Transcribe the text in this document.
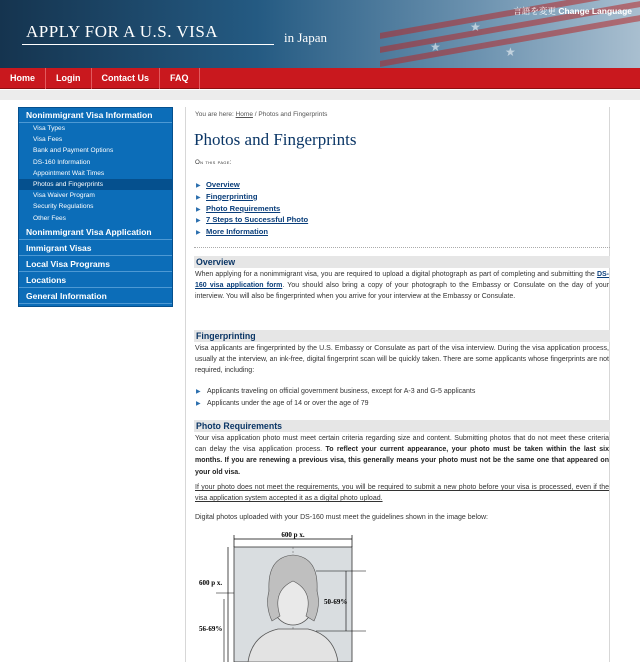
★
★
★
APPLY FOR A U.S. VISA	in Japan
言語を変更 Change Language
Home	Login	Contact Us	FAQ
Nonimmigrant Visa Information
Visa Types
Visa Fees
Bank and Payment Options
DS-160 Information
Appointment Wait Times
Photos and Fingerprints
Visa Waiver Program
Security Regulations
Other Fees
Nonimmigrant Visa Application
Immigrant Visas
Local Visa Programs
Locations
General Information
You are here: Home / Photos and Fingerprints
Photos and Fingerprints
On this page:
▶ Overview
▶ Fingerprinting
▶ Photo Requirements
▶ 7 Steps to Successful Photo
▶ More Information
Overview
When applying for a nonimmigrant visa, you are required to upload a digital photograph as part of completing and submitting the DS-160 visa application form. You should also bring a copy of your photograph to the Embassy or Consulate on the day of your interview. You will also be fingerprinted when you arrive for your interview at the Embassy or Consulate.
Fingerprinting
Visa applicants are fingerprinted by the U.S. Embassy or Consulate as part of the visa interview. During the visa application process, usually at the interview, an ink-free, digital fingerprint scan will be quickly taken. There are some applicants whose fingerprints are not required, including:
▶ Applicants traveling on official government business, except for A-3 and G-5 applicants
▶ Applicants under the age of 14 or over the age of 79
Photo Requirements
Your visa application photo must meet certain criteria regarding size and content. Submitting photos that do not meet these criteria can delay the visa application process. To reflect your current appearance, your photo must be taken within the last six months. If you are renewing a previous visa, this generally means your photo must not be the same one that appeared on your old visa.
If your photo does not meet the requirements, you will be required to submit a new photo before your visa is processed, even if the visa application system accepted it as a digital photo upload.
Digital photos uploaded with your DS-160 must meet the guidelines shown in the image below:
600 p x.
600 p x.
56-69%
50-69%
